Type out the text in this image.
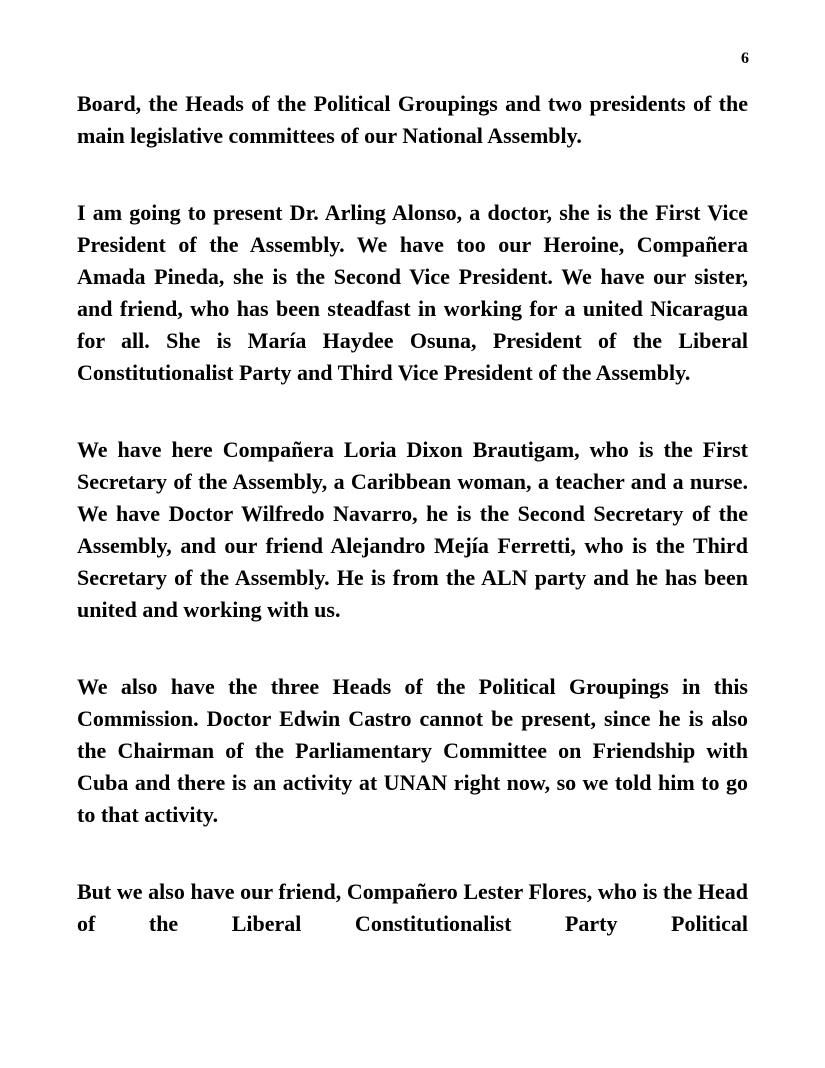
6

Board, the Heads of the Political Groupings and two presidents of the main legislative committees of our National Assembly.

I am going to present Dr. Arling Alonso, a doctor, she is the First Vice President of the Assembly. We have too our Heroine, Compañera Amada Pineda, she is the Second Vice President. We have our sister, and friend, who has been steadfast in working for a united Nicaragua for all. She is María Haydee Osuna, President of the Liberal Constitutionalist Party and Third Vice President of the Assembly.

We have here Compañera Loria Dixon Brautigam, who is the First Secretary of the Assembly, a Caribbean woman, a teacher and a nurse. We have Doctor Wilfredo Navarro, he is the Second Secretary of the Assembly, and our friend Alejandro Mejía Ferretti, who is the Third Secretary of the Assembly. He is from the ALN party and he has been united and working with us.

We also have the three Heads of the Political Groupings in this Commission. Doctor Edwin Castro cannot be present, since he is also the Chairman of the Parliamentary Committee on Friendship with Cuba and there is an activity at UNAN right now, so we told him to go to that activity.

But we also have our friend, Compañero Lester Flores, who is the Head of the Liberal Constitutionalist Party Political
